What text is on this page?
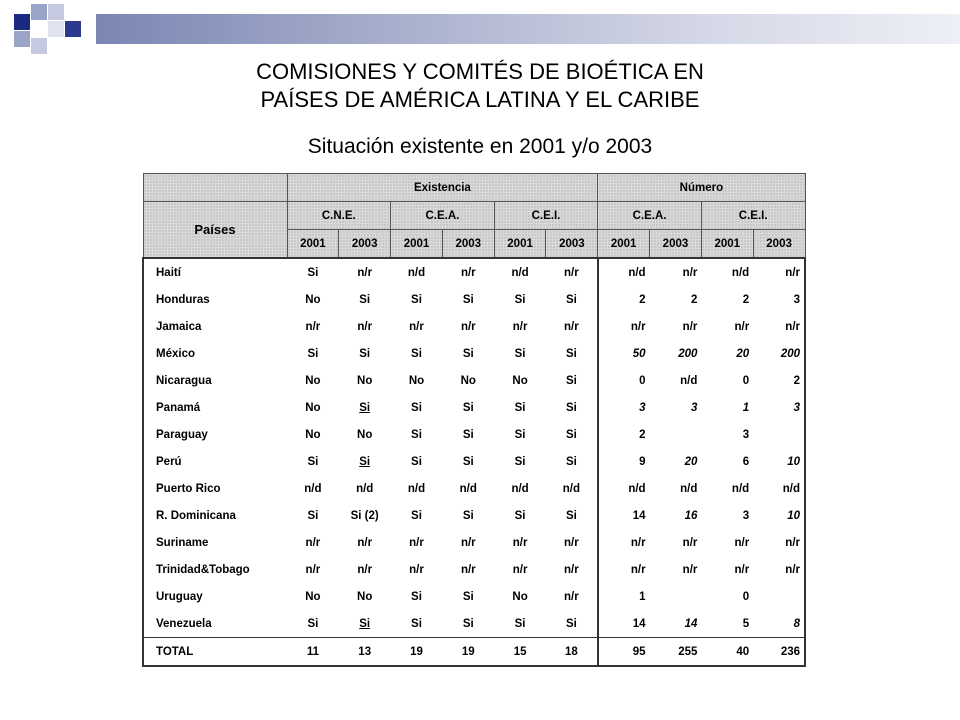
COMISIONES Y COMITÉS DE BIOÉTICA EN
PAÍSES DE AMÉRICA LATINA Y EL CARIBE
Situación existente en 2001 y/o 2003
	Existencia						Número			
Países	C.N.E.		C.E.A.		C.E.I.		C.E.A.		C.E.I.	
	2001	2003	2001	2003	2001	2003	2001	2003	2001	2003
Haití	Si	n/r	n/d	n/r	n/d	n/r	n/d	n/r	n/d	n/r
Honduras	No	Si	Si	Si	Si	Si	2	2	2	3
Jamaica	n/r	n/r	n/r	n/r	n/r	n/r	n/r	n/r	n/r	n/r
México	Si	Si	Si	Si	Si	Si	50	200	20	200
Nicaragua	No	No	No	No	No	Si	0	n/d	0	2
Panamá	No	Si	Si	Si	Si	Si	3	3	1	3
Paraguay	No	No	Si	Si	Si	Si	2		3	
Perú	Si	Si	Si	Si	Si	Si	9	20	6	10
Puerto Rico	n/d	n/d	n/d	n/d	n/d	n/d	n/d	n/d	n/d	n/d
R. Dominicana	Si	Si (2)	Si	Si	Si	Si	14	16	3	10
Suriname	n/r	n/r	n/r	n/r	n/r	n/r	n/r	n/r	n/r	n/r
Trinidad&Tobago	n/r	n/r	n/r	n/r	n/r	n/r	n/r	n/r	n/r	n/r
Uruguay	No	No	Si	Si	No	n/r	1		0	
Venezuela	Si	Si	Si	Si	Si	Si	14	14	5	8
TOTAL	11	13	19	19	15	18	95	255	40	236
